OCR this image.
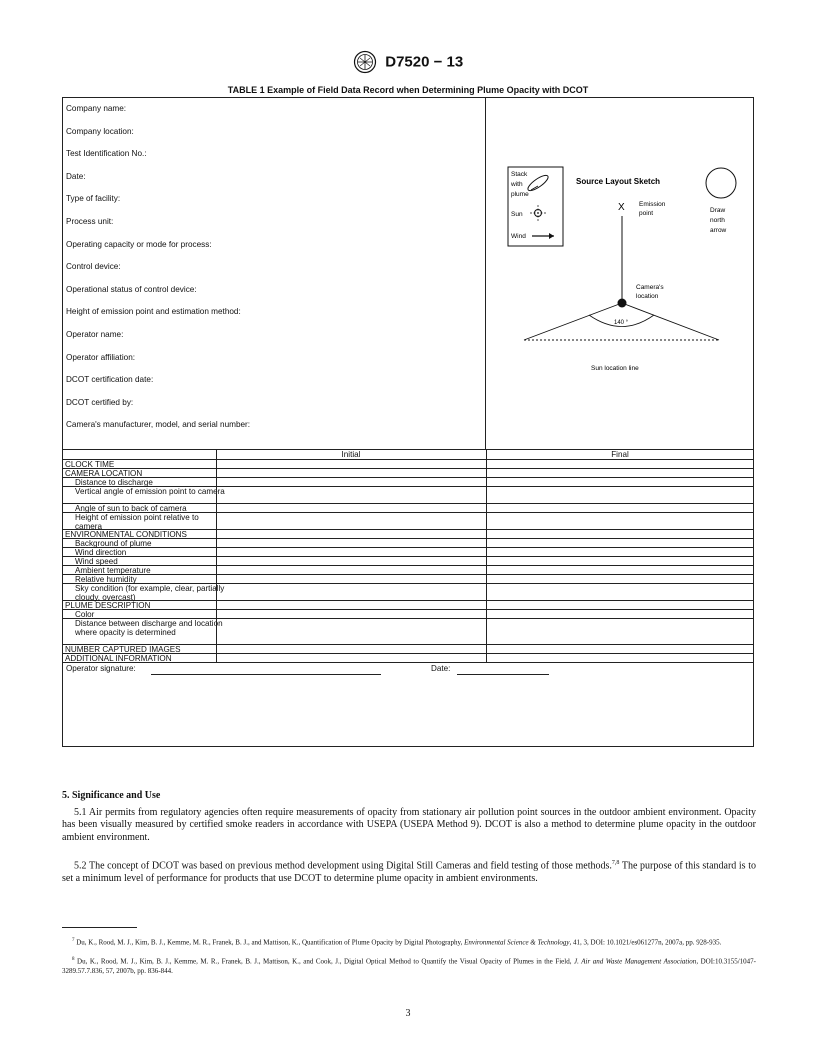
D7520 − 13
TABLE 1 Example of Field Data Record when Determining Plume Opacity with DCOT
Company name:
Company location:
Test Identification No.:
Date:
Type of facility:
Process unit:
Operating capacity or mode for process:
Control device:
Operational status of control device:
Height of emission point and estimation method:
Operator name:
Operator affiliation:
DCOT certification date:
DCOT certified by:
Camera's manufacturer, model, and serial number:
Stack
with
plume
Sun
Wind
Source Layout Sketch
Draw
north
arrow
X Emission
point
Camera's
location
140 °
Sun location line
Initial	Final
CLOCK TIME
CAMERA LOCATION
Distance to discharge
Vertical angle of emission point to camera
Angle of sun to back of camera
Height of emission point relative to camera
ENVIRONMENTAL CONDITIONS
Background of plume
Wind direction
Wind speed
Ambient temperature
Relative humidity
Sky condition (for example, clear, partially cloudy, overcast)
PLUME DESCRIPTION
Color
Distance between discharge and location where opacity is determined
NUMBER CAPTURED IMAGES
ADDITIONAL INFORMATION
Operator signature:	Date:
5. Significance and Use
5.1 Air permits from regulatory agencies often require measurements of opacity from stationary air pollution point sources in the outdoor ambient environment. Opacity has been visually measured by certified smoke readers in accordance with USEPA (USEPA Method 9). DCOT is also a method to determine plume opacity in the outdoor ambient environment.
5.2 The concept of DCOT was based on previous method development using Digital Still Cameras and field testing of those methods.$^{7,8}$ The purpose of this standard is to set a minimum level of performance for products that use DCOT to determine plume opacity in ambient environments.
$^7$ Du, K., Rood, M. J., Kim, B. J., Kemme, M. R., Franek, B. J., and Mattison, K., Quantification of Plume Opacity by Digital Photography, Environmental Science & Technology, 41, 3, DOI: 10.1021/es061277n, 2007a, pp. 928-935.
$^8$ Du, K., Rood, M. J., Kim, B. J., Kemme, M. R., Franek, B. J., Mattison, K., and Cook, J., Digital Optical Method to Quantify the Visual Opacity of Plumes in the Field, J. Air and Waste Management Association, DOI:10.3155/1047-3289.57.7.836, 57, 2007b, pp. 836-844.
3
